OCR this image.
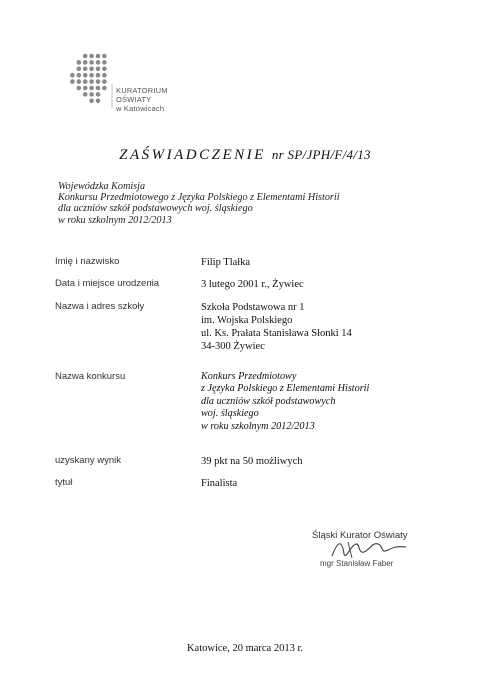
KURATORIUM
OŚWIATY
w Katowicach
ZAŚWIADCZENIE nr SP/JPH/F/4/13
Wojewódzka Komisja
Konkursu Przedmiotowego z Języka Polskiego z Elementami Historii
dla uczniów szkół podstawowych woj. śląskiego
w roku szkolnym 2012/2013
Imię i nazwisko	Filip Tlałka
Data i miejsce urodzenia	3 lutego 2001 r., Żywiec
Nazwa i adres szkoły	Szkoła Podstawowa nr 1
im. Wojska Polskiego
ul. Ks. Prałata Stanisława Słonki 14
34-300 Żywiec
Nazwa konkursu	Konkurs Przedmiotowy
z Języka Polskiego z Elementami Historii
dla uczniów szkół podstawowych
woj. śląskiego
w roku szkolnym 2012/2013
uzyskany wynik	39 pkt na 50 możliwych
tytuł	Finalista
Śląski Kurator Oświaty
mgr Stanisław Faber
Katowice, 20 marca 2013 r.
